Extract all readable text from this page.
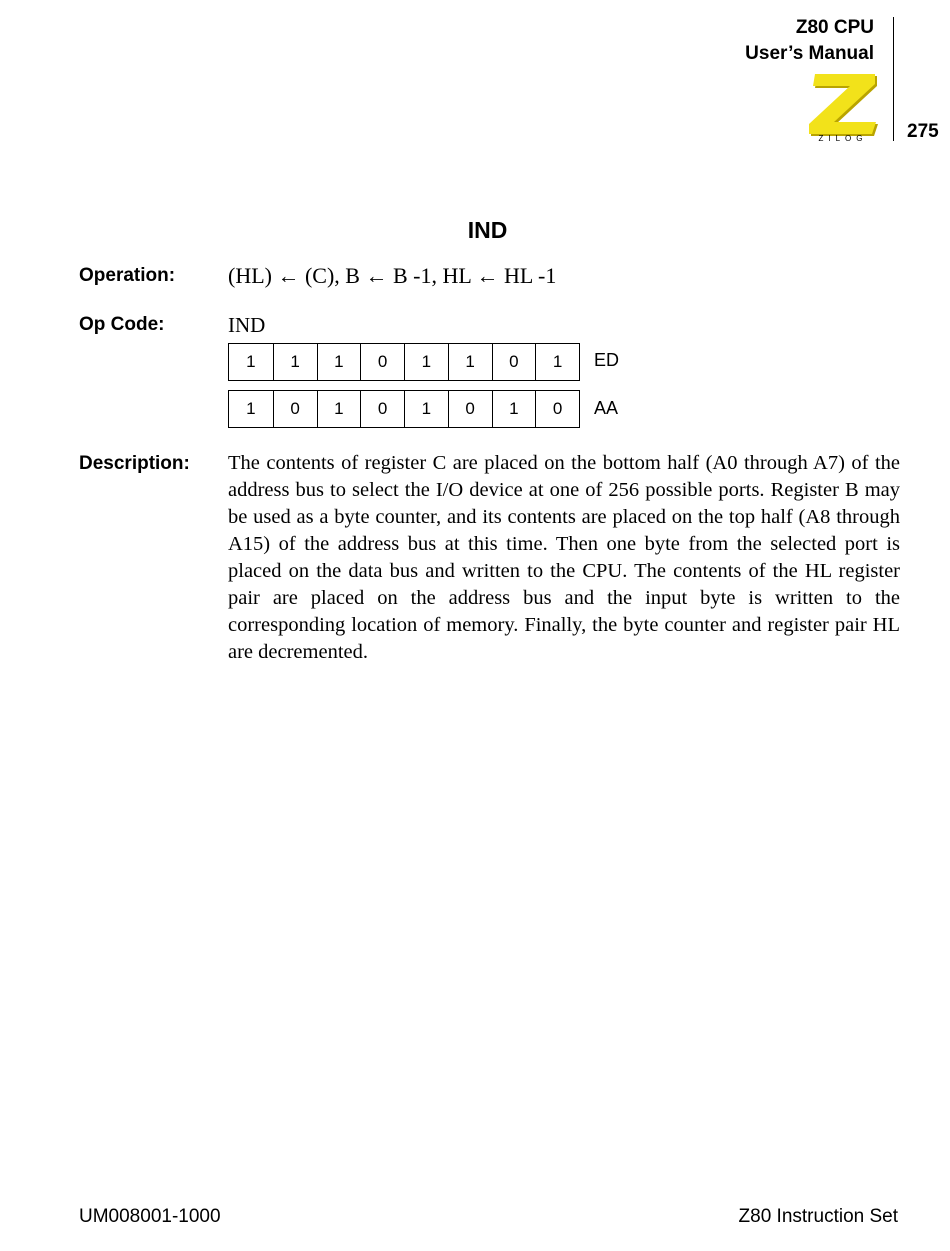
Z80 CPU
User’s Manual
ZILOG 275
IND
Operation: (HL) ← (C), B ← B -1, HL ← HL -1
Op Code:	IND
1	1	1	0	1	1	0	1	ED
1	0	1	0	1	0	1	0	AA
Description: The contents of register C are placed on the bottom half (A0 through A7) of the address bus to select the I/O device at one of 256 possible ports. Register B may be used as a byte counter, and its contents are placed on the top half (A8 through A15) of the address bus at this time. Then one byte from the selected port is placed on the data bus and written to the CPU. The contents of the HL register pair are placed on the address bus and the input byte is written to the corresponding location of memory. Finally, the byte counter and register pair HL are decremented.
UM008001-1000	Z80 Instruction Set
